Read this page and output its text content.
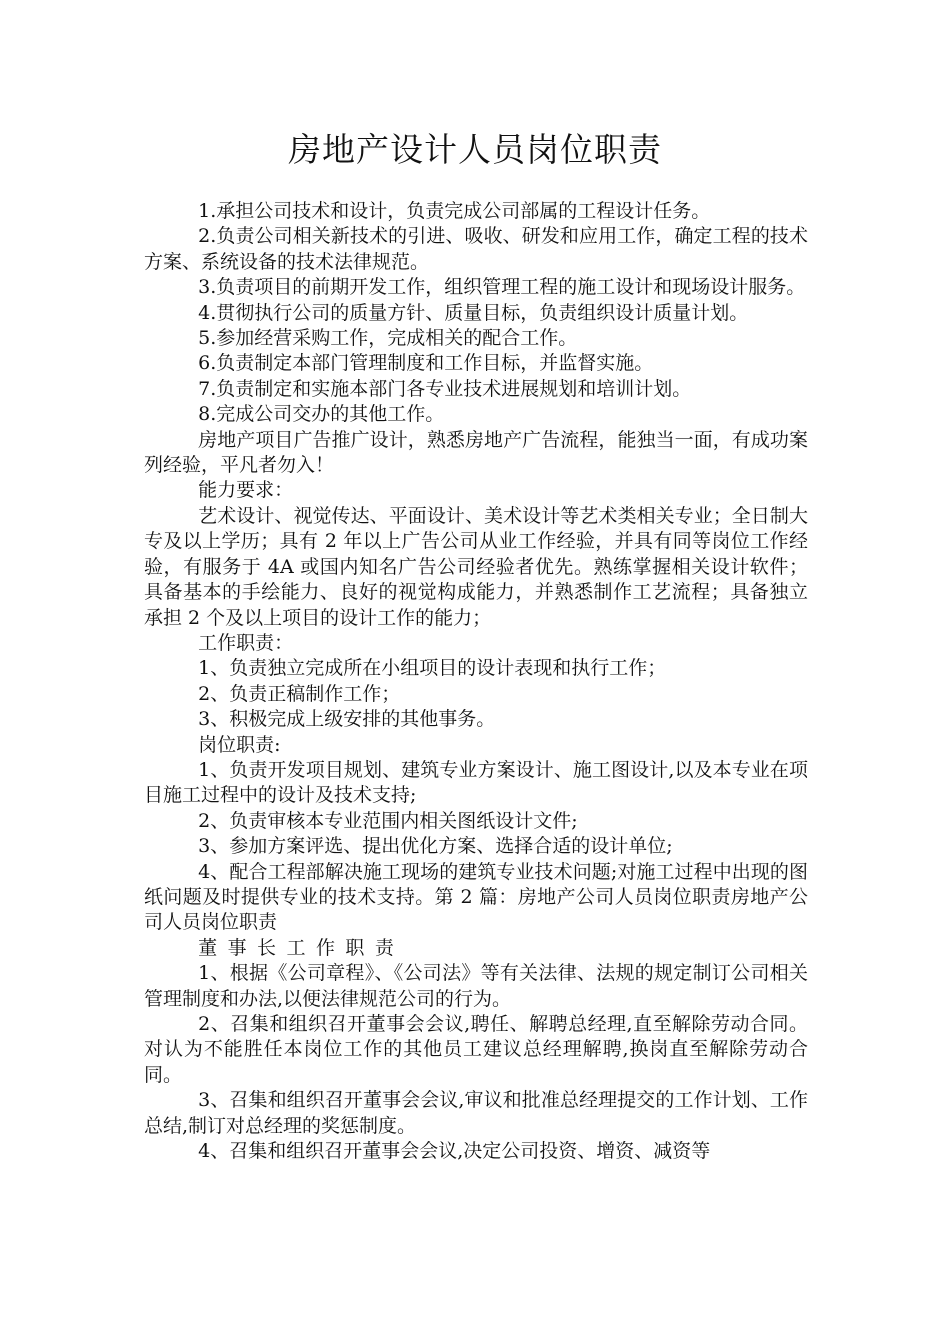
房地产设计人员岗位职责

1.承担公司技术和设计，负责完成公司部属的工程设计任务。

2.负责公司相关新技术的引进、吸收、研发和应用工作，确定工程的技术方案、系统设备的技术法律规范。

3.负责项目的前期开发工作，组织管理工程的施工设计和现场设计服务。

4.贯彻执行公司的质量方针、质量目标，负责组织设计质量计划。

5.参加经营采购工作，完成相关的配合工作。

6.负责制定本部门管理制度和工作目标，并监督实施。

7.负责制定和实施本部门各专业技术进展规划和培训计划。

8.完成公司交办的其他工作。

房地产项目广告推广设计，熟悉房地产广告流程，能独当一面，有成功案列经验，平凡者勿入！

能力要求：

艺术设计、视觉传达、平面设计、美术设计等艺术类相关专业；全日制大专及以上学历；具有 2 年以上广告公司从业工作经验，并具有同等岗位工作经验，有服务于 4A 或国内知名广告公司经验者优先。熟练掌握相关设计软件；具备基本的手绘能力、良好的视觉构成能力，并熟悉制作工艺流程；具备独立承担 2 个及以上项目的设计工作的能力；

工作职责：

1、负责独立完成所在小组项目的设计表现和执行工作；

2、负责正稿制作工作；

3、积极完成上级安排的其他事务。

岗位职责:

1、负责开发项目规划、建筑专业方案设计、施工图设计,以及本专业在项目施工过程中的设计及技术支持;

2、负责审核本专业范围内相关图纸设计文件;

3、参加方案评选、提出优化方案、选择合适的设计单位;

4、配合工程部解决施工现场的建筑专业技术问题;对施工过程中出现的图纸问题及时提供专业的技术支持。第 2 篇：房地产公司人员岗位职责房地产公司人员岗位职责

董事长工作职责

1、根据《公司章程》、《公司法》等有关法律、法规的规定制订公司相关管理制度和办法,以便法律规范公司的行为。

2、召集和组织召开董事会会议,聘任、解聘总经理,直至解除劳动合同。对认为不能胜任本岗位工作的其他员工建议总经理解聘,换岗直至解除劳动合同。

3、召集和组织召开董事会会议,审议和批准总经理提交的工作计划、工作总结,制订对总经理的奖惩制度。

4、召集和组织召开董事会会议,决定公司投资、增资、减资等
